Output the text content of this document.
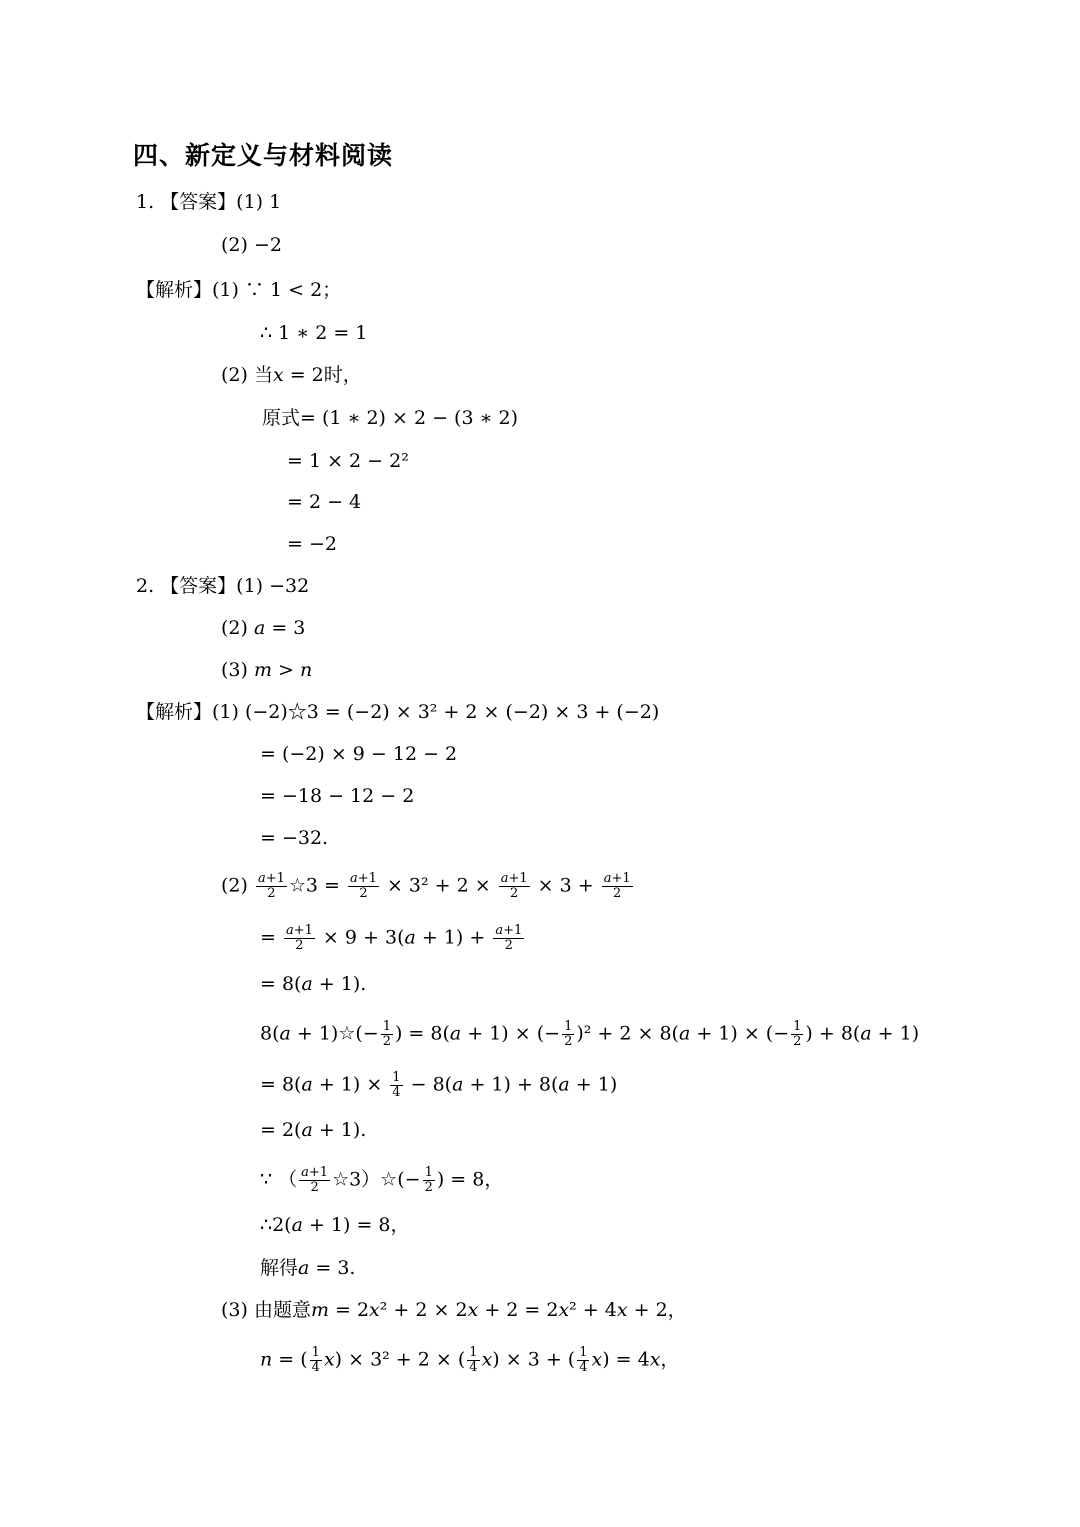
四、新定义与材料阅读
1. 【答案】(1) 1
(2) −2
【解析】(1) ∵ 1 < 2；
∴ 1 ∗ 2 = 1
(2) 当𝑥 = 2时，
原式= (1 ∗ 2) × 2 − (3 ∗ 2)
= 1 × 2 − 2²
= 2 − 4
= −2
2. 【答案】(1) −32
(2) 𝑎 = 3
(3) 𝑚 > 𝑛
【解析】(1) (−2)☆3 = (−2) × 3² + 2 × (−2) × 3 + (−2)
= (−2) × 9 − 12 − 2
= −18 − 12 − 2
= −32.
$(2) \frac{\text{𝑎+1}}{2}$ ☆3 = $\frac{\text{𝑎+1}}{2} \times 3^2 + 2 \times \frac{\text{𝑎+1}}{2} \times 3 + \frac{\text{𝑎+1}}{2}$
= $\frac{\text{𝑎+1}}{2} \times 9$ + 3(𝑎 + $1) + \frac{\text{𝑎+1}}{2}$
= 8(𝑎 + 1).
8(𝑎 + 1)☆(− $\frac{1}{2}$ ) = 8(𝑎 + 1) × (− $\frac{1}{2} )^2 + 2$ × 8(𝑎 + 1) × (− $\frac{1}{2}$ ) + 8(𝑎 + 1)
= 8(𝑎 + $1) \times \frac{1}{4}$ − 8(𝑎 + 1) + 8(𝑎 + 1)
= 2(𝑎 + 1).
∵ （ $\frac{\text{𝑎+1}}{2}$ ☆3）☆(− $\frac{1}{2}$ ) = 8，
∴2(𝑎 + 1) = 8，
解得𝑎 = 3.
(3) 由题意𝑚 = 2𝑥² + 2 × 2𝑥 + 2 = 2𝑥² + 4𝑥 + 2，
𝑛 = ( $\frac{1}{4}$ 𝑥) × 3² + 2 × ( $\frac{1}{4}$ 𝑥) × 3 + ( $\frac{1}{4}$ 𝑥) = 4𝑥，
